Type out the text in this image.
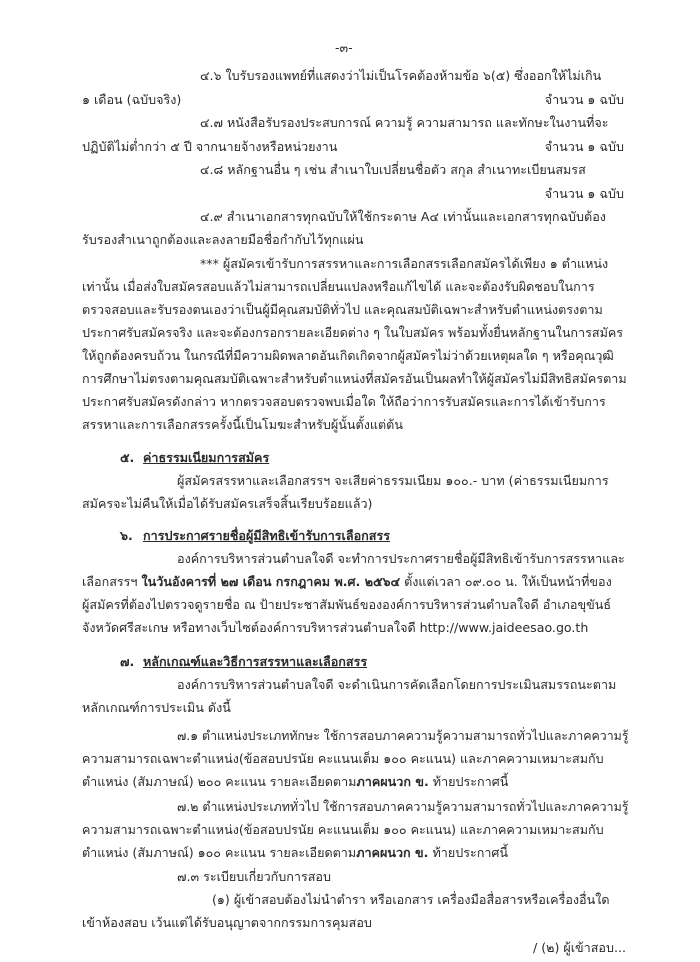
-๓-
๔.๖ ใบรับรองแพทย์ที่แสดงว่าไม่เป็นโรคต้องห้ามข้อ ๖(๕) ซึ่งออกให้ไม่เกิน
๑ เดือน (ฉบับจริง)	จำนวน ๑ ฉบับ
๔.๗ หนังสือรับรองประสบการณ์ ความรู้ ความสามารถ และทักษะในงานที่จะ
ปฏิบัติไม่ต่ำกว่า ๕ ปี จากนายจ้างหรือหน่วยงาน	จำนวน ๑ ฉบับ
๔.๘ หลักฐานอื่น ๆ เช่น สำเนาใบเปลี่ยนชื่อตัว สกุล สำเนาทะเบียนสมรส
จำนวน ๑ ฉบับ
๔.๙ สำเนาเอกสารทุกฉบับให้ใช้กระดาษ A๔ เท่านั้นและเอกสารทุกฉบับต้อง
รับรองสำเนาถูกต้องและลงลายมือชื่อกำกับไว้ทุกแผ่น
*** ผู้สมัครเข้ารับการสรรหาและการเลือกสรรเลือกสมัครได้เพียง ๑ ตำแหน่ง
เท่านั้น เมื่อส่งใบสมัครสอบแล้วไม่สามารถเปลี่ยนแปลงหรือแก้ไขได้ และจะต้องรับผิดชอบในการ
ตรวจสอบและรับรองตนเองว่าเป็นผู้มีคุณสมบัติทั่วไป และคุณสมบัติเฉพาะสำหรับตำแหน่งตรงตาม
ประกาศรับสมัครจริง และจะต้องกรอกรายละเอียดต่าง ๆ ในใบสมัคร พร้อมทั้งยื่นหลักฐานในการสมัคร
ให้ถูกต้องครบถ้วน ในกรณีที่มีความผิดพลาดอันเกิดเกิดจากผู้สมัครไม่ว่าด้วยเหตุผลใด ๆ หรือคุณวุฒิ
การศึกษาไม่ตรงตามคุณสมบัติเฉพาะสำหรับตำแหน่งที่สมัครอันเป็นผลทำให้ผู้สมัครไม่มีสิทธิสมัครตาม
ประกาศรับสมัครดังกล่าว หากตรวจสอบตรวจพบเมื่อใด ให้ถือว่าการรับสมัครและการได้เข้ารับการ
สรรหาและการเลือกสรรครั้งนี้เป็นโมฆะสำหรับผู้นั้นตั้งแต่ต้น
๕. ค่าธรรมเนียมการสมัคร
ผู้สมัครสรรหาและเลือกสรรฯ จะเสียค่าธรรมเนียม ๑๐๐.- บาท (ค่าธรรมเนียมการ
สมัครจะไม่คืนให้เมื่อได้รับสมัครเสร็จสิ้นเรียบร้อยแล้ว)
๖. การประกาศรายชื่อผู้มีสิทธิเข้ารับการเลือกสรร
องค์การบริหารส่วนตำบลใจดี จะทำการประกาศรายชื่อผู้มีสิทธิเข้ารับการสรรหาและ
เลือกสรรฯ ในวันอังคารที่ ๒๗ เดือน กรกฎาคม พ.ศ. ๒๕๖๔ ตั้งแต่เวลา ๐๙.๐๐ น. ให้เป็นหน้าที่ของ
ผู้สมัครที่ต้องไปตรวจดูรายชื่อ ณ ป้ายประชาสัมพันธ์ขององค์การบริหารส่วนตำบลใจดี อำเภอขุขันธ์
จังหวัดศรีสะเกษ หรือทางเว็บไซต์องค์การบริหารส่วนตำบลใจดี http://www.jaideesao.go.th
๗. หลักเกณฑ์และวิธีการสรรหาและเลือกสรร
องค์การบริหารส่วนตำบลใจดี จะดำเนินการคัดเลือกโดยการประเมินสมรรถนะตาม
หลักเกณฑ์การประเมิน ดังนี้
๗.๑ ตำแหน่งประเภททักษะ ใช้การสอบภาคความรู้ความสามารถทั่วไปและภาคความรู้
ความสามารถเฉพาะตำแหน่ง(ข้อสอบปรนัย คะแนนเต็ม ๑๐๐ คะแนน) และภาคความเหมาะสมกับ
ตำแหน่ง (สัมภาษณ์) ๒๐๐ คะแนน รายละเอียดตามภาคผนวก ข. ท้ายประกาศนี้
๗.๒ ตำแหน่งประเภททั่วไป ใช้การสอบภาคความรู้ความสามารถทั่วไปและภาคความรู้
ความสามารถเฉพาะตำแหน่ง(ข้อสอบปรนัย คะแนนเต็ม ๑๐๐ คะแนน) และภาคความเหมาะสมกับ
ตำแหน่ง (สัมภาษณ์) ๑๐๐ คะแนน รายละเอียดตามภาคผนวก ข. ท้ายประกาศนี้
๗.๓ ระเบียบเกี่ยวกับการสอบ
(๑) ผู้เข้าสอบต้องไม่นำตำรา หรือเอกสาร เครื่องมือสื่อสารหรือเครื่องอื่นใด
เข้าห้องสอบ เว้นแต่ได้รับอนุญาตจากกรรมการคุมสอบ
/ (๒) ผู้เข้าสอบ...
